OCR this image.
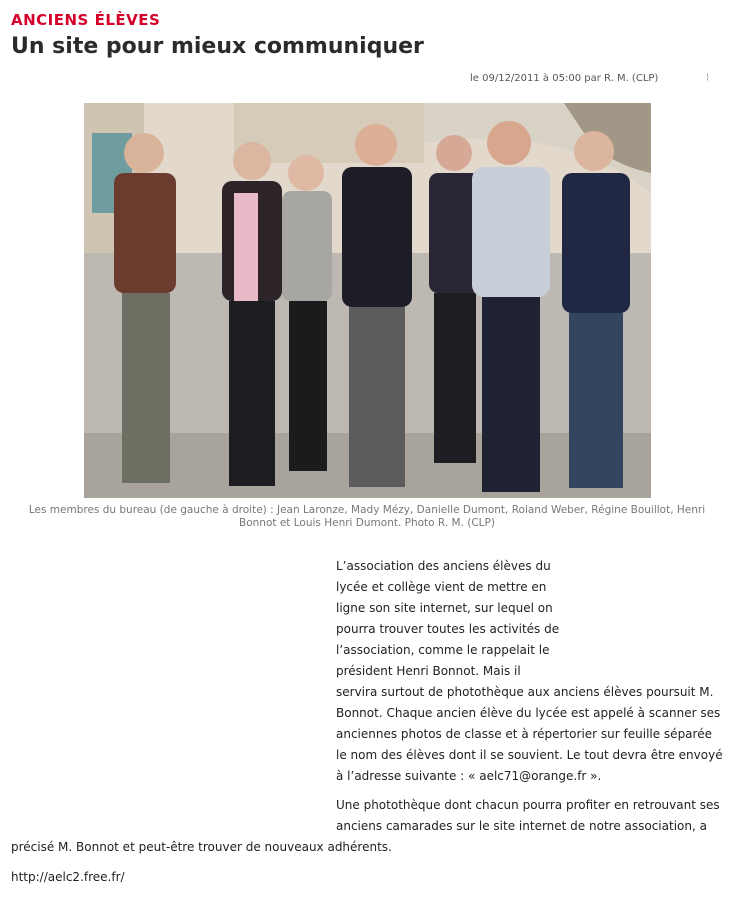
ANCIENS ÉLÈVES
Un site pour mieux communiquer
le 09/12/2011 à 05:00 par R. M. (CLP)	¦
Les membres du bureau (de gauche à droite) : Jean Laronze, Mady Mézy, Danielle Dumont, Roland Weber, Régine Bouillot, Henri
Bonnot et Louis Henri Dumont. Photo R. M. (CLP)
L’association des anciens élèves du
lycée et collège vient de mettre en
ligne son site internet, sur lequel on
pourra trouver toutes les activités de
l’association, comme le rappelait le
président Henri Bonnot. Mais il
servira surtout de photothèque aux anciens élèves poursuit M.
Bonnot. Chaque ancien élève du lycée est appelé à scanner ses
anciennes photos de classe et à répertorier sur feuille séparée
le nom des élèves dont il se souvient. Le tout devra être envoyé
à l’adresse suivante : « aelc71@orange.fr ».
Une photothèque dont chacun pourra profiter en retrouvant ses
anciens camarades sur le site internet de notre association, a
précisé M. Bonnot et peut-être trouver de nouveaux adhérents.
http://aelc2.free.fr/
